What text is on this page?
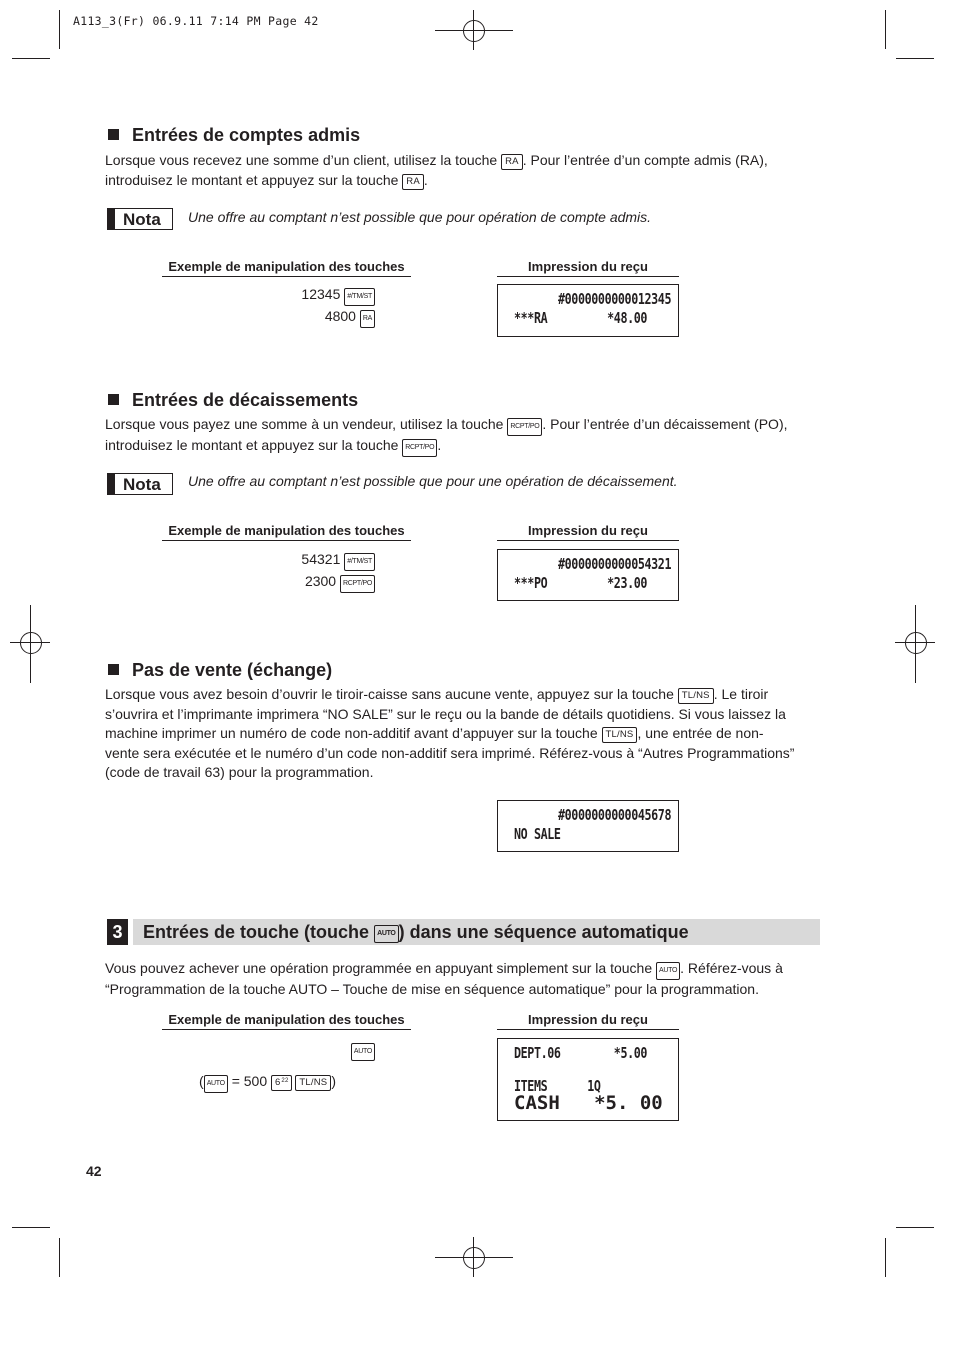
A113_3(Fr) 06.9.11 7:14 PM Page 42
Entrées de comptes admis
Lorsque vous recevez une somme d’un client, utilisez la touche RA . Pour l’entrée d’un compte admis (RA),
introduisez le montant et appuyez sur la touche RA .
Nota	Une offre au comptant n’est possible que pour opération de compte admis.
Exemple de manipulation des touches	Impression du reçu
12345 #/TM/ST
4800 RA
#0000000000012345
***RA         *48.00
Entrées de décaissements
Lorsque vous payez une somme à un vendeur, utilisez la touche RCPT/PO . Pour l’entrée d’un décaissement (PO),
introduisez le montant et appuyez sur la touche RCPT/PO .
Nota	Une offre au comptant n’est possible que pour une opération de décaissement.
Exemple de manipulation des touches	Impression du reçu
54321 #/TM/ST
2300 RCPT/PO
#0000000000054321
***PO         *23.00
Pas de vente (échange)
Lorsque vous avez besoin d’ouvrir le tiroir-caisse sans aucune vente, appuyez sur la touche TL/NS . Le tiroir
s’ouvrira et l’imprimante imprimera “NO SALE” sur le reçu ou la bande de détails quotidiens. Si vous laissez la
machine imprimer un numéro de code non-additif avant d’appuyer sur la touche TL/NS , une entrée de non-
vente sera exécutée et le numéro d’un code non-additif sera imprimé. Référez-vous à “Autres Programmations”
(code de travail 63) pour la programmation.
#0000000000045678
NO SALE
3	Entrées de touche (touche AUTO ) dans une séquence automatique
Vous pouvez achever une opération programmée en appuyant simplement sur la touche AUTO . Référez-vous à
“Programmation de la touche AUTO – Touche de mise en séquence automatique” pour la programmation.
Exemple de manipulation des touches	Impression du reçu
AUTO
( AUTO = 500 6 22 TL/NS )
DEPT.06        *5.00
ITEMS      1Q
CASH   *5. 00
42
